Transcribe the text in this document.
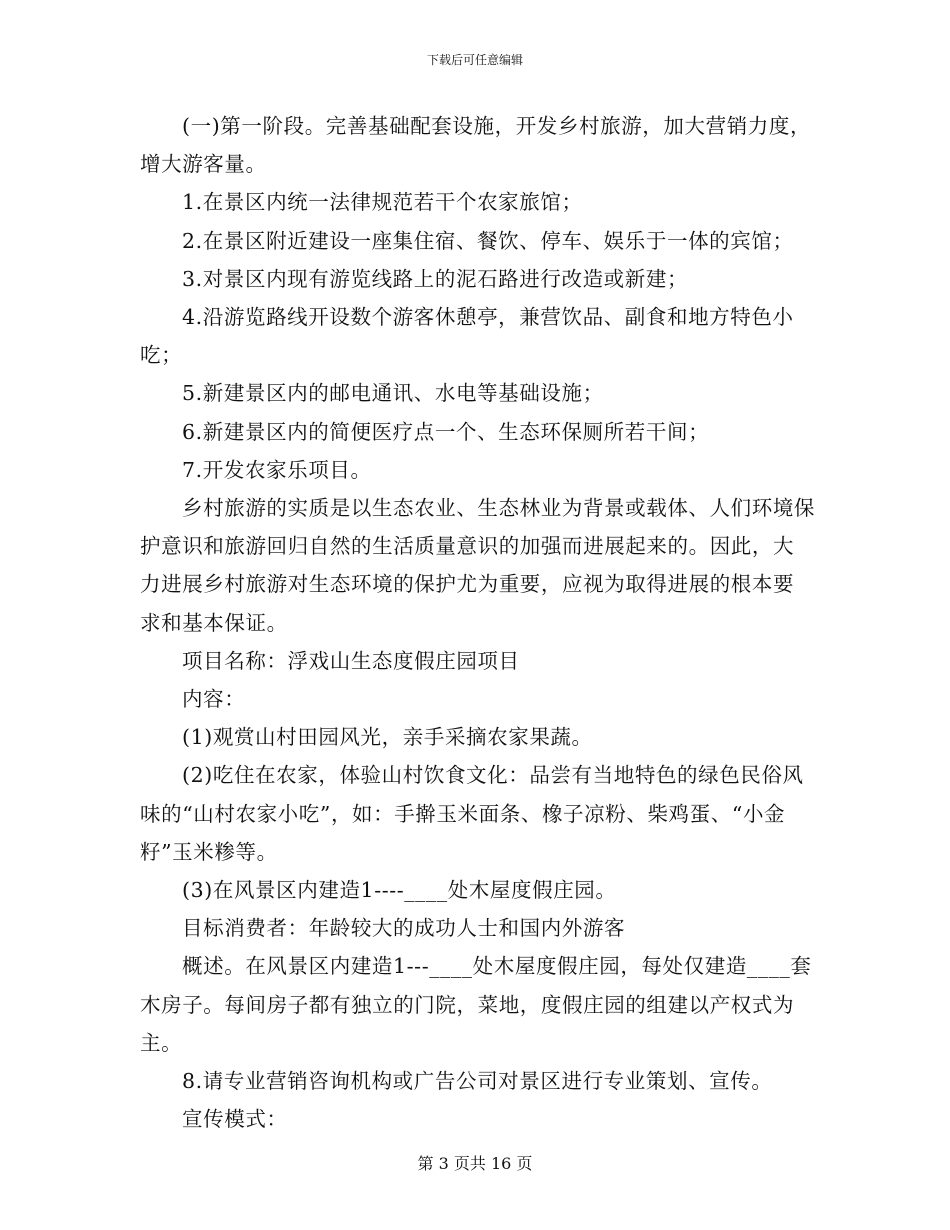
下载后可任意编辑

(一)第一阶段。完善基础配套设施，开发乡村旅游，加大营销力度，增大游客量。

1.在景区内统一法律规范若干个农家旅馆；

2.在景区附近建设一座集住宿、餐饮、停车、娱乐于一体的宾馆；

3.对景区内现有游览线路上的泥石路进行改造或新建；

4.沿游览路线开设数个游客休憩亭，兼营饮品、副食和地方特色小吃；

5.新建景区内的邮电通讯、水电等基础设施；

6.新建景区内的简便医疗点一个、生态环保厕所若干间；

7.开发农家乐项目。

乡村旅游的实质是以生态农业、生态林业为背景或载体、人们环境保护意识和旅游回归自然的生活质量意识的加强而进展起来的。因此，大力进展乡村旅游对生态环境的保护尤为重要，应视为取得进展的根本要求和基本保证。

项目名称：浮戏山生态度假庄园项目

内容：

(1)观赏山村田园风光，亲手采摘农家果蔬。

(2)吃住在农家，体验山村饮食文化：品尝有当地特色的绿色民俗风味的“山村农家小吃”，如：手擀玉米面条、橡子凉粉、柴鸡蛋、“小金籽”玉米糁等。

(3)在风景区内建造1----____处木屋度假庄园。

目标消费者：年龄较大的成功人士和国内外游客

概述。在风景区内建造1---____处木屋度假庄园，每处仅建造____套木房子。每间房子都有独立的门院，菜地，度假庄园的组建以产权式为主。

8.请专业营销咨询机构或广告公司对景区进行专业策划、宣传。

宣传模式：

第 3 页共 16 页
